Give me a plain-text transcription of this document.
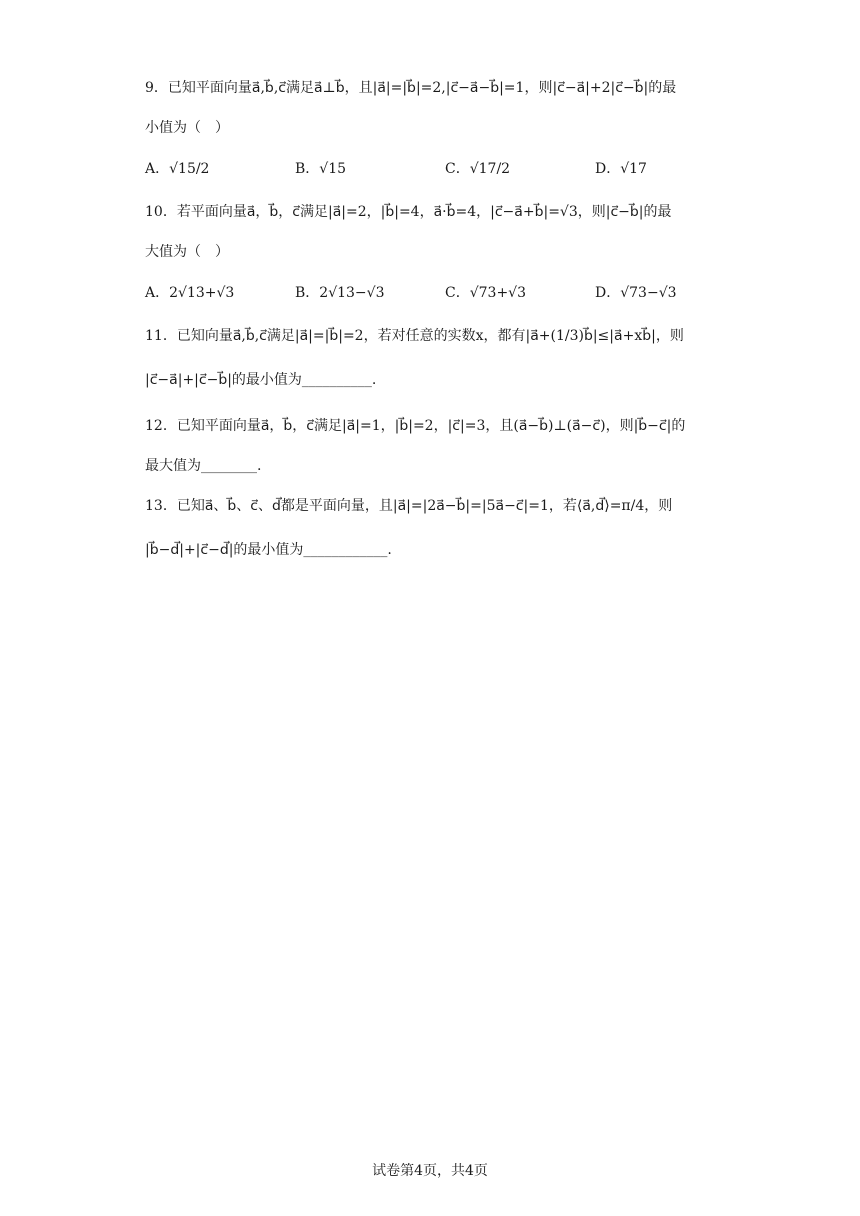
9．已知平面向量a⃗,b⃗,c⃗满足a⃗⊥b⃗，且|a⃗|=|b⃗|=2,|c⃗−a⃗−b⃗|=1，则|c⃗−a⃗|+2|c⃗−b⃗|的最
小值为（　）
A．√15/2	B．√15	C．√17/2	D．√17
10．若平面向量a⃗，b⃗，c⃗满足|a⃗|=2，|b⃗|=4，a⃗·b⃗=4，|c⃗−a⃗+b⃗|=√3，则|c⃗−b⃗|的最
大值为（　）
A．2√13+√3	B．2√13−√3	C．√73+√3	D．√73−√3
11．已知向量a⃗,b⃗,c⃗满足|a⃗|=|b⃗|=2，若对任意的实数x，都有|a⃗+(1/3)b⃗|≤|a⃗+xb⃗|，则
|c⃗−a⃗|+|c⃗−b⃗|的最小值为__________.
12．已知平面向量a⃗，b⃗，c⃗满足|a⃗|=1，|b⃗|=2，|c⃗|=3，且(a⃗−b⃗)⊥(a⃗−c⃗)，则|b⃗−c⃗|的
最大值为________.
13．已知a⃗、b⃗、c⃗、d⃗都是平面向量，且|a⃗|=|2a⃗−b⃗|=|5a⃗−c⃗|=1，若⟨a⃗,d⃗⟩=π/4，则
|b⃗−d⃗|+|c⃗−d⃗|的最小值为____________.
试卷第4页，共4页
